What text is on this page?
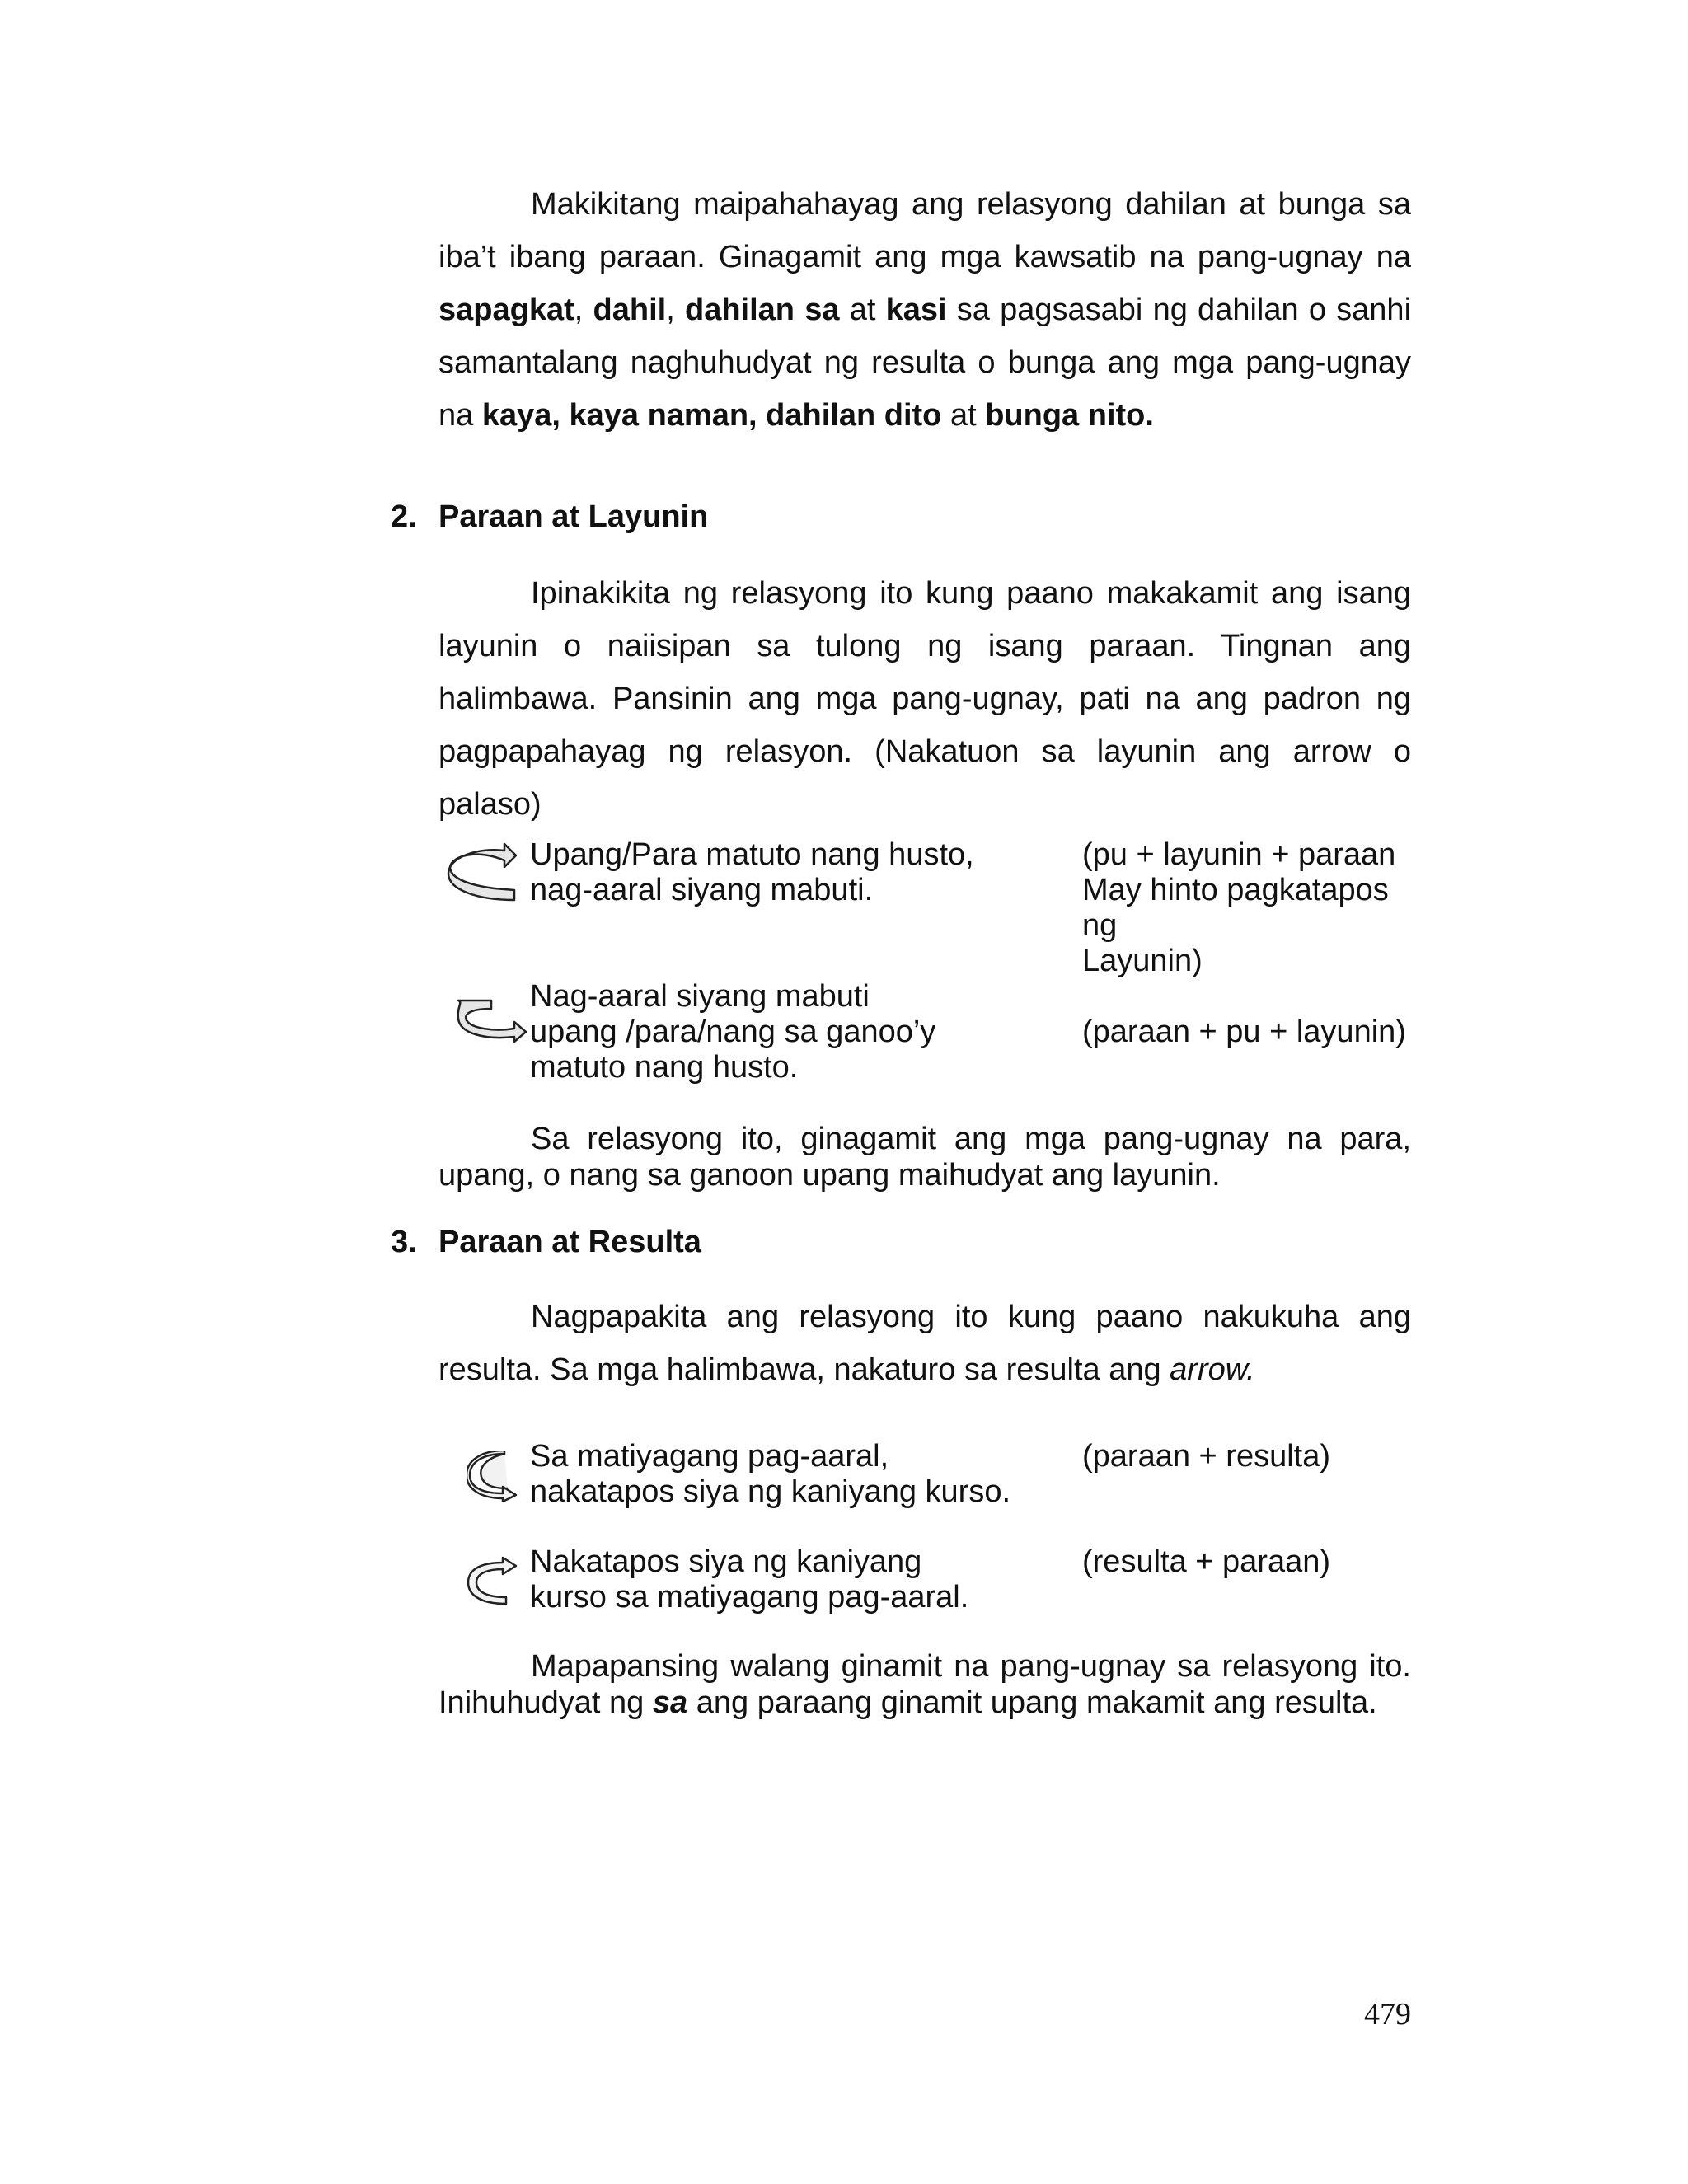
Makikitang maipahahayag ang relasyong dahilan at bunga sa iba’t ibang paraan. Ginagamit ang mga kawsatib na pang-ugnay na sapagkat, dahil, dahilan sa at kasi sa pagsasabi ng dahilan o sanhi samantalang naghuhudyat ng resulta o bunga ang mga pang-ugnay na kaya, kaya naman, dahilan dito at bunga nito.

2. Paraan at Layunin

Ipinakikita ng relasyong ito kung paano makakamit ang isang layunin o naiisipan sa tulong ng isang paraan. Tingnan ang halimbawa. Pansinin ang mga pang-ugnay, pati na ang padron ng pagpapahayag ng relasyon. (Nakatuon sa layunin ang arrow o palaso)

Upang/Para matuto nang husto,
nag-aaral siyang mabuti.
(pu + layunin + paraan
May hinto pagkatapos
ng
Layunin)
Nag-aaral siyang mabuti
upang /para/nang sa ganoo’y
matuto nang husto.
(paraan + pu + layunin)

Sa relasyong ito, ginagamit ang mga pang-ugnay na para, upang, o nang sa ganoon upang maihudyat ang layunin.

3. Paraan at Resulta

Nagpapakita ang relasyong ito kung paano nakukuha ang resulta. Sa mga halimbawa, nakaturo sa resulta ang arrow.

Sa matiyagang pag-aaral,
nakatapos siya ng kaniyang kurso.
(paraan + resulta)
Nakatapos siya ng kaniyang
kurso sa matiyagang pag-aaral.
(resulta + paraan)

Mapapansing walang ginamit na pang-ugnay sa relasyong ito. Inihuhudyat ng sa ang paraang ginamit upang makamit ang resulta.

479
